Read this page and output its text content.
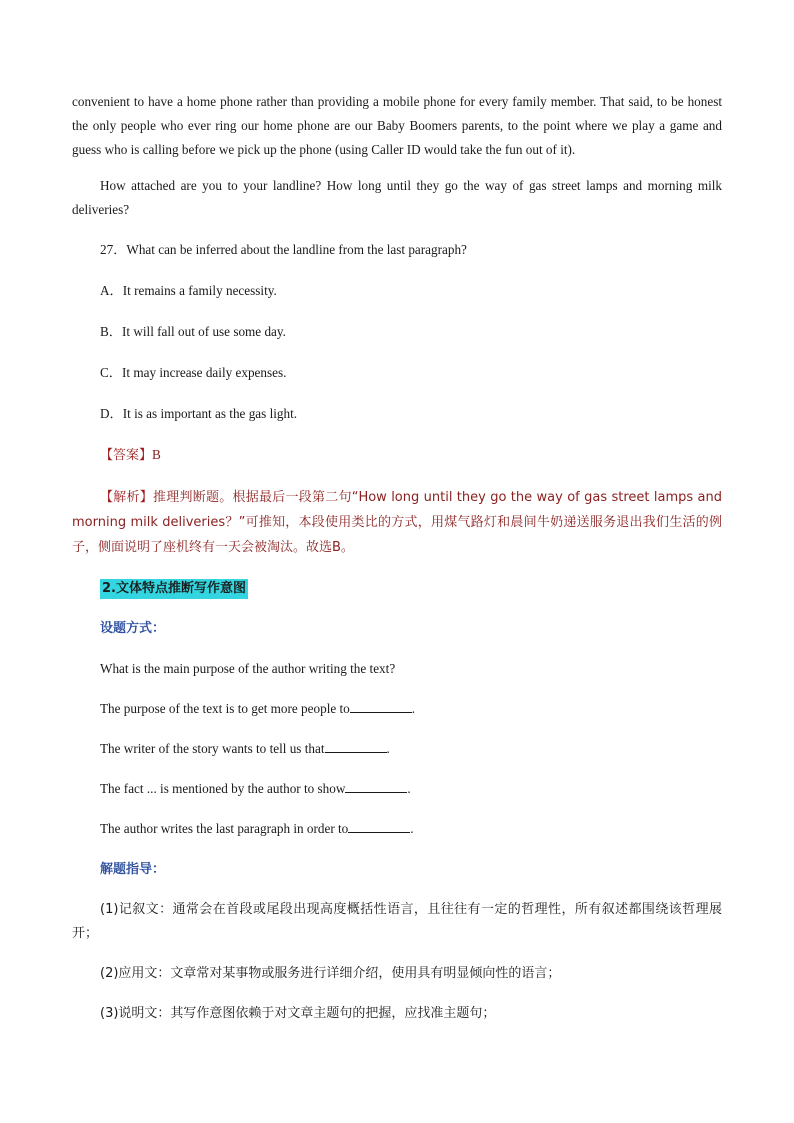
convenient to have a home phone rather than providing a mobile phone for every family member. That said, to be honest the only people who ever ring our home phone are our Baby Boomers parents, to the point where we play a game and guess who is calling before we pick up the phone (using Caller ID would take the fun out of it).

How attached are you to your landline? How long until they go the way of gas street lamps and morning milk deliveries?

27．What can be inferred about the landline from the last paragraph?

A．It remains a family necessity.

B．It will fall out of use some day.

C．It may increase daily expenses.

D．It is as important as the gas light.

【答案】B

【解析】推理判断题。根据最后一段第二句“How long until they go the way of gas street lamps and morning milk deliveries？”可推知，本段使用类比的方式，用煤气路灯和晨间牛奶递送服务退出我们生活的例子，侧面说明了座机终有一天会被淘汰。故选B。

2.文体特点推断写作意图

设题方式：

What is the main purpose of the author writing the text?

The purpose of the text is to get more people to	.

The writer of the story wants to tell us that	.

The fact ... is mentioned by the author to show	.

The author writes the last paragraph in order to	.

解题指导：

(1)记叙文：通常会在首段或尾段出现高度概括性语言，且往往有一定的哲理性，所有叙述都围绕该哲理展开；

(2)应用文：文章常对某事物或服务进行详细介绍，使用具有明显倾向性的语言；

(3)说明文：其写作意图依赖于对文章主题句的把握，应找准主题句；
